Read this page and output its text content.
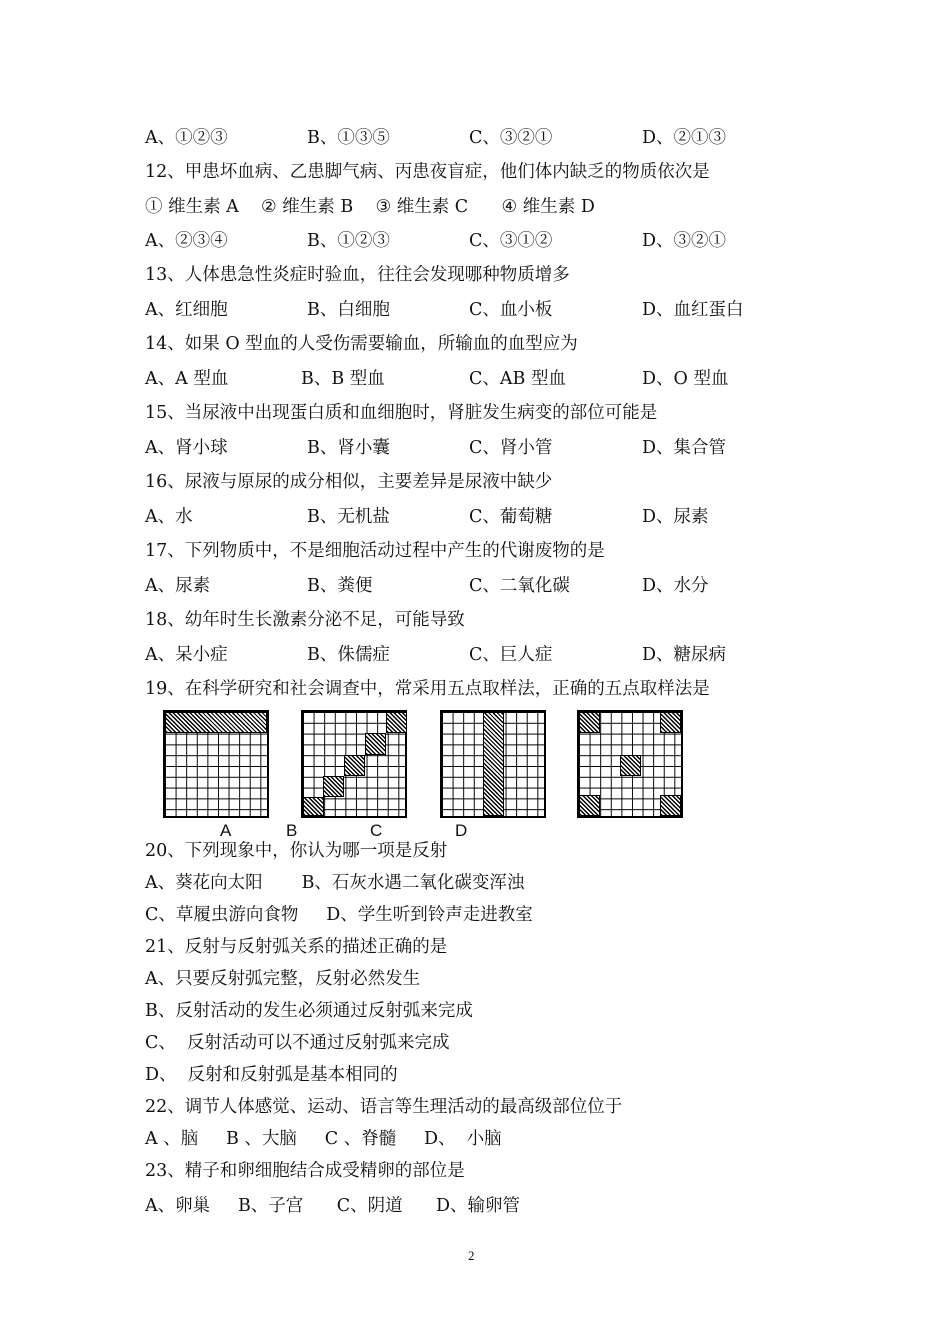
A、①②③	B、①③⑤	C、③②①	D、②①③
12、甲患坏血病、乙患脚气病、丙患夜盲症，他们体内缺乏的物质依次是
① 维生素 A    ② 维生素 B    ③ 维生素 C      ④ 维生素 D
A、②③④	B、①②③	C、③①②	D、③②①
13、人体患急性炎症时验血，往往会发现哪种物质增多
A、红细胞	B、白细胞	C、血小板	D、血红蛋白
14、如果 O 型血的人受伤需要输血，所输血的血型应为
A、A 型血	B、B 型血	C、AB 型血	D、O 型血
15、当尿液中出现蛋白质和血细胞时，肾脏发生病变的部位可能是
A、肾小球	B、肾小囊	C、肾小管	D、集合管
16、尿液与原尿的成分相似，主要差异是尿液中缺少
A、水	B、无机盐	C、葡萄糖	D、尿素
17、下列物质中，不是细胞活动过程中产生的代谢废物的是
A、尿素	B、粪便	C、二氧化碳	D、水分
18、幼年时生长激素分泌不足，可能导致
A、呆小症	B、侏儒症	C、巨人症	D、糖尿病
19、在科学研究和社会调查中，常采用五点取样法，正确的五点取样法是
A	B	C	D
20、下列现象中，你认为哪一项是反射
A、葵花向太阳       B、石灰水遇二氧化碳变浑浊
C、草履虫游向食物     D、学生听到铃声走进教室
21、反射与反射弧关系的描述正确的是
A、只要反射弧完整，反射必然发生
B、反射活动的发生必须通过反射弧来完成
C、  反射活动可以不通过反射弧来完成
D、  反射和反射弧是基本相同的
22、调节人体感觉、运动、语言等生理活动的最高级部位位于
A 、脑     B 、大脑     C 、脊髓     D、  小脑
23、精子和卵细胞结合成受精卵的部位是
A、卵巢     B、子宫      C、阴道      D、输卵管
2
